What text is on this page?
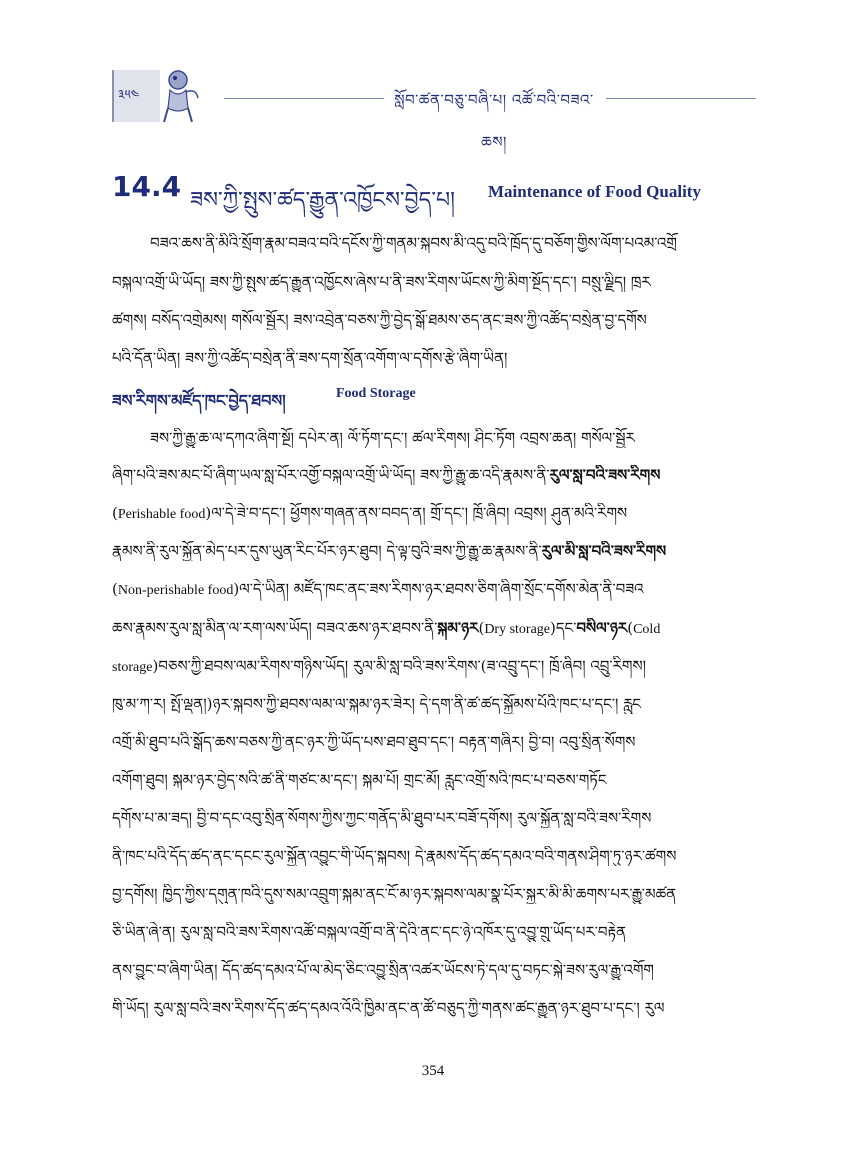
༣༥༤	སློབ་ཚན་བཅུ་བཞི་པ། འཚོ་བའི་བཟའ་ཆས།
14.4 ཟས་ཀྱི་སྤུས་ཚད་རྒྱུན་འཁྱོངས་བྱེད་པ། Maintenance of Food Quality
བཟའ་ཆས་ནི་མིའི་སྲོག་རྣམ་བཟའ་བའི་དངོས་ཀྱི་གནམ་སྐབས་མི་འདུ་བའི་ཁྲོད་དུ་བཅོག་གྱིས་ལོག་པའམ་འགྲོ
བསྐལ་འགྲོ་ཡི་ཡོད། ཟས་ཀྱི་སྤུས་ཚད་རྒྱུན་འཁྱོངས་ཞེས་པ་ནི་ཟས་རིགས་ཡོངས་ཀྱི་མིག་སྔོད་དང་། བསྲུ་ལྗིད། ཁྲར
ཚགས། བསོད་འགྲེམས། གསོལ་སྦྱོར། ཟས་འབྲེན་བཅས་ཀྱི་བྱེད་སྒོ་ཐམས་ཅད་ནང་ཟས་ཀྱི་འཚོད་བསྲེན་བྱ་དགོས
པའི་དོན་ཡིན། ཟས་ཀྱི་འཚོད་བསྲེན་ནི་ཟས་དག་སྲོན་འགོག་ལ་དགོས་རྩེ་ཞིག་ཡིན།
ཟས་རིགས་མཛོད་ཁང་བྱེད་ཐབས།	Food Storage
ཟས་ཀྱི་རྒྱུ་ཆ་ལ་དཀའ་ཞིག་སྔོ། དཔེར་ན། ལོ་ཏོག་དང་། ཚལ་རིགས། ཤིང་ཏོག འབྲས་ཆན། གསོལ་སྦྱོར
ཞིག་པའི་ཟས་མང་པོ་ཞིག་ཡལ་སླ་པོར་འགྱོ་བསྐལ་འགྲོ་ཡི་ཡོད། ཟས་ཀྱི་རྒྱུ་ཆ་འདི་རྣམས་ནི་རུལ་སླ་བའི་ཟས་རིགས
(Perishable food)ལ་དེ་ཟེ་བ་དང་། ཕྱོགས་གཞན་ནས་བབད་ན། གྲོ་དང་། ཁྲོ་ཞིབ། འབྲས། ཤུན་མའི་རིགས
རྣམས་ནི་རུལ་སྐྱོན་མེད་པར་དུས་ཡུན་རིང་པོར་ཉར་ཐུབ། དེ་ལྟ་བུའི་ཟས་ཀྱི་རྒྱུ་ཆ་རྣམས་ནི་རུལ་མི་སླ་བའི་ཟས་རིགས
(Non-perishable food)ལ་དེ་ཡིན། མཛོད་ཁང་ནང་ཟས་རིགས་ཉར་ཐབས་ཅིག་ཞིག་སྲོང་དགོས་མེན་ནི་བཟའ
ཆས་རྣམས་རུལ་སླ་མིན་ལ་རག་ལས་ཡོད། བཟའ་ཆས་ཉར་ཐབས་ནི་སྐམ་ཉར(Dry storage)དང་བསིལ་ཉར(Cold
storage)བཅས་ཀྱི་ཐབས་ལམ་རིགས་གཉིས་ཡོད། རུལ་མི་སླ་བའི་ཟས་རིགས་(ཟ་འབྲུ་དང་། ཁྲོ་ཞིབ། འབྲུ་རིགས།
ཁུ་མ་ཀ་ར། སྤོ་ལྡན།)ཉར་སྐབས་ཀྱི་ཐབས་ལམ་ལ་སྐམ་ཉར་ཟེར། དེ་དག་ནི་ཚ་ཚད་སྐྱོམས་པོའི་ཁང་པ་དང་། རླུང
འགྲོ་མི་ཐུབ་པའི་སྒོད་ཆས་བཅས་ཀྱི་ནང་ཉར་ཀྱི་ཡོད་པས་ཐབ་ཐུབ་དང་། བརྟན་གཞིར། བྱི་བ། འབུ་སྲིན་སོགས
འགོག་ཐུབ། སྐམ་ཉར་བྱེད་སའི་ཚ་ནི་གཙང་མ་དང་། སྐམ་པོ། གྲང་མོ། རླུང་འགྲོ་སའི་ཁང་པ་བཅས་གཏོང
དགོས་པ་མ་ཟད། བྱི་བ་དང་འབུ་སྲིན་སོགས་ཀྱིས་ཀྱང་གནོད་མི་ཐུབ་པར་བཟོ་དགོས། རུལ་སྐྱོན་སླ་བའི་ཟས་རིགས
ནི་ཁང་པའི་དོད་ཚད་ནང་དངང་རུལ་སྐྱོན་འབྱུང་གི་ཡོད་སྐབས། དེ་རྣམས་དོད་ཚད་དམའ་བའི་གནས་ཤིག་ཏུ་ཉར་ཚགས
བྱ་དགོས། ཁྱིད་ཀྱིས་དགུན་ཁའི་དུས་སམ་འབྲུག་སྐམ་ནང་ངོ་མ་ཉར་སྐབས་ལམ་སྣ་པོར་སྐྱར་མི་མི་ཆགས་པར་རྒྱུ་མཚན
ཅི་ཡིན་ཞེ་ན། རུལ་སླ་བའི་ཟས་རིགས་འཚོ་བསྐལ་འགྲོ་བ་ནི་དེའི་ནང་དང་ཉེ་འཁོར་དུ་འབྱུ་གྲུ་ཡོད་པར་བརྟེན
ནས་བྱུང་བ་ཞིག་ཡིན། དོད་ཚད་དམའ་པོ་ལ་མེད་ཅིང་འབྱུ་སྲིན་འཚར་ཡོངས་ཏེ་དལ་དུ་བཏང་སྐེ་ཟས་རུལ་རྒྱུ་འགོག
གི་ཡོད། རུལ་སླ་བའི་ཟས་རིགས་དོད་ཚད་དམའ་འོའི་ཁྱིམ་ནང་ན་ཚོ་བཅུད་ཀྱི་གནས་ཚང་རྒྱུན་ཉར་ཐུབ་པ་དང་། རུལ
354
